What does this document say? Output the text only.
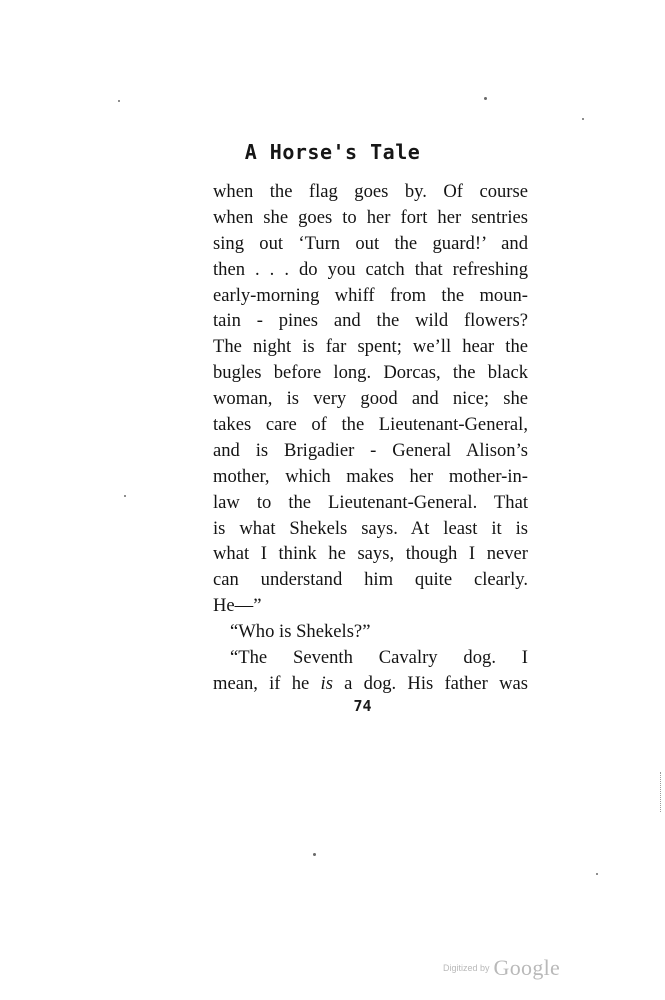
A Horse's Tale
when the flag goes by. Of course
when she goes to her fort her sentries
sing out ‘Turn out the guard!’ and
then . . . do you catch that refreshing
early-morning whiff from the moun-
tain - pines and the wild flowers?
The night is far spent; we’ll hear the
bugles before long. Dorcas, the black
woman, is very good and nice; she
takes care of the Lieutenant-General,
and is Brigadier - General Alison’s
mother, which makes her mother-in-
law to the Lieutenant-General. That
is what Shekels says. At least it is
what I think he says, though I never
can understand him quite clearly.
He—”
“Who is Shekels?”
“The Seventh Cavalry dog. I
mean, if he is a dog. His father was
74
Digitized by Google
